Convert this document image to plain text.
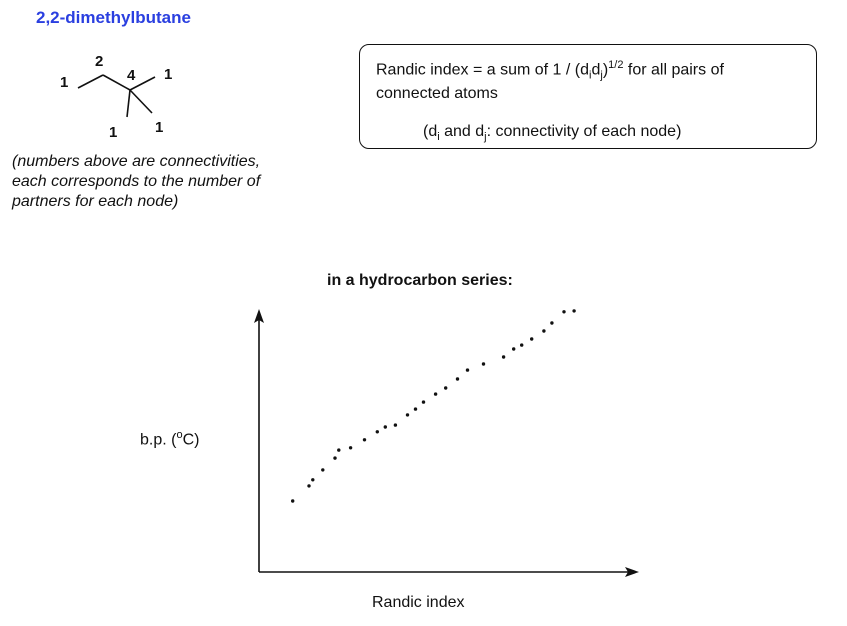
2,2-dimethylbutane
1
2
4 1
1	1
(numbers above are connectivities,
each corresponds to the number of
partners for each node)
Randic index = a sum of $1 / (d_id_j)^{1/2}$ for all pairs of
connected atoms
($d_i$ and $d_j$: connectivity of each node)
in a hydrocarbon series:
b.p. ($^o$C)
Randic index
